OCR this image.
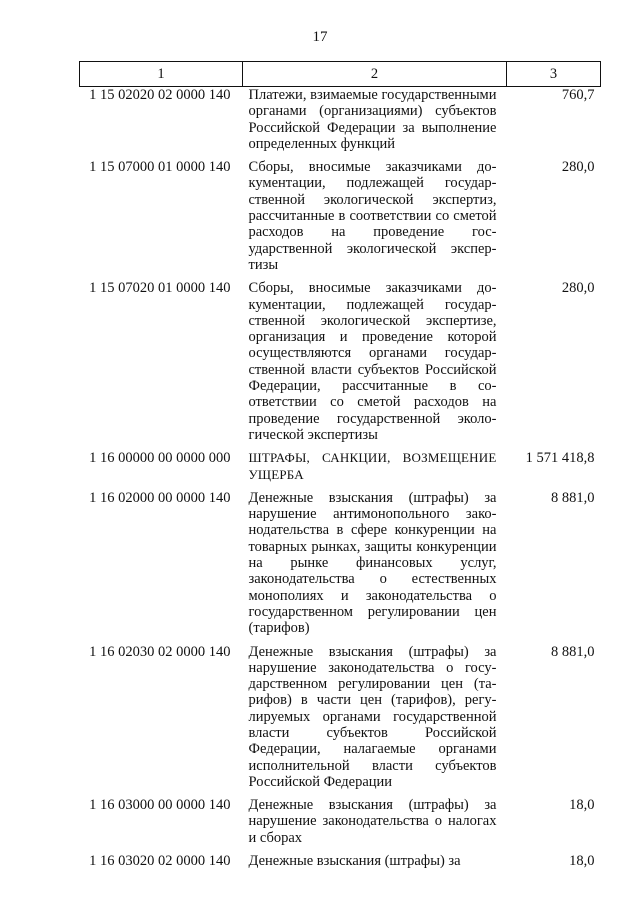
17
1	2	3
1 15 02020 02 0000 140	Платежи, взимаемые государственными органами (организациями) субъектов Российской Федерации за выполнение определенных функций	760,7
1 15 07000 01 0000 140	Сборы, вносимые заказчиками документации, подлежащей государственной экологической экспертиз, рассчитанные в соответствии со сметой расходов на проведение государственной экологической экспертизы	280,0
1 15 07020 01 0000 140	Сборы, вносимые заказчиками документации, подлежащей государственной экологической экспертизе, организация и проведение которой осуществляются органами государственной власти субъектов Российской Федерации, рассчитанные в соответствии со сметой расходов на проведение государственной экологической экспертизы	280,0
1 16 00000 00 0000 000	ШТРАФЫ, САНКЦИИ, ВОЗМЕЩЕНИЕ УЩЕРБА	1 571 418,8
1 16 02000 00 0000 140	Денежные взыскания (штрафы) за нарушение антимонопольного законодательства в сфере конкуренции на товарных рынках, защиты конкуренции на рынке финансовых услуг, законодательства о естественных монополиях и законодательства о государственном регулировании цен (тарифов)	8 881,0
1 16 02030 02 0000 140	Денежные взыскания (штрафы) за нарушение законодательства о государственном регулировании цен (тарифов) в части цен (тарифов), регулируемых органами государственной власти субъектов Российской Федерации, налагаемые органами исполнительной власти субъектов Российской Федерации	8 881,0
1 16 03000 00 0000 140	Денежные взыскания (штрафы) за нарушение законодательства о налогах и сборах	18,0
1 16 03020 02 0000 140	Денежные взыскания (штрафы) за	18,0
